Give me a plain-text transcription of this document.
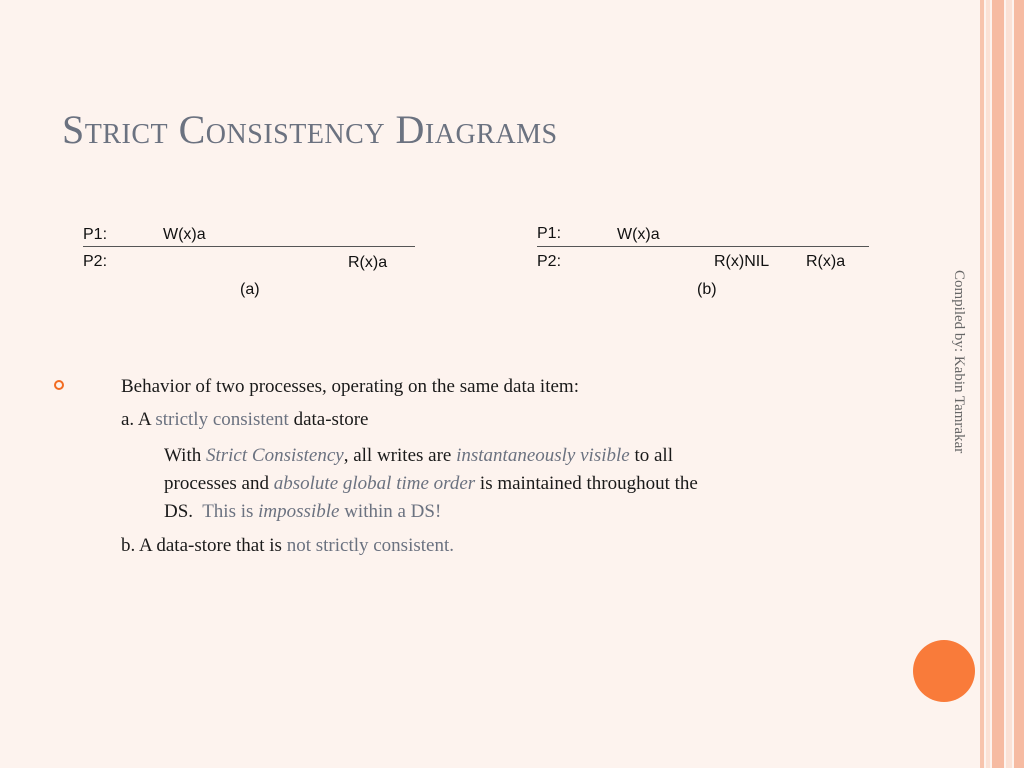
Strict Consistency Diagrams
P1:	W(x)a
P2:	R(x)a
(a)
P1:	W(x)a
P2:	R(x)NIL R(x)a
(b)	Compiled by: Kabin Tamrakar
Behavior of two processes, operating on the same data item:
a. A strictly consistent data-store
With Strict Consistency, all writes are instantaneously visible to all
processes and absolute global time order is maintained throughout the
DS.  This is impossible within a DS!
b. A data-store that is not strictly consistent.
